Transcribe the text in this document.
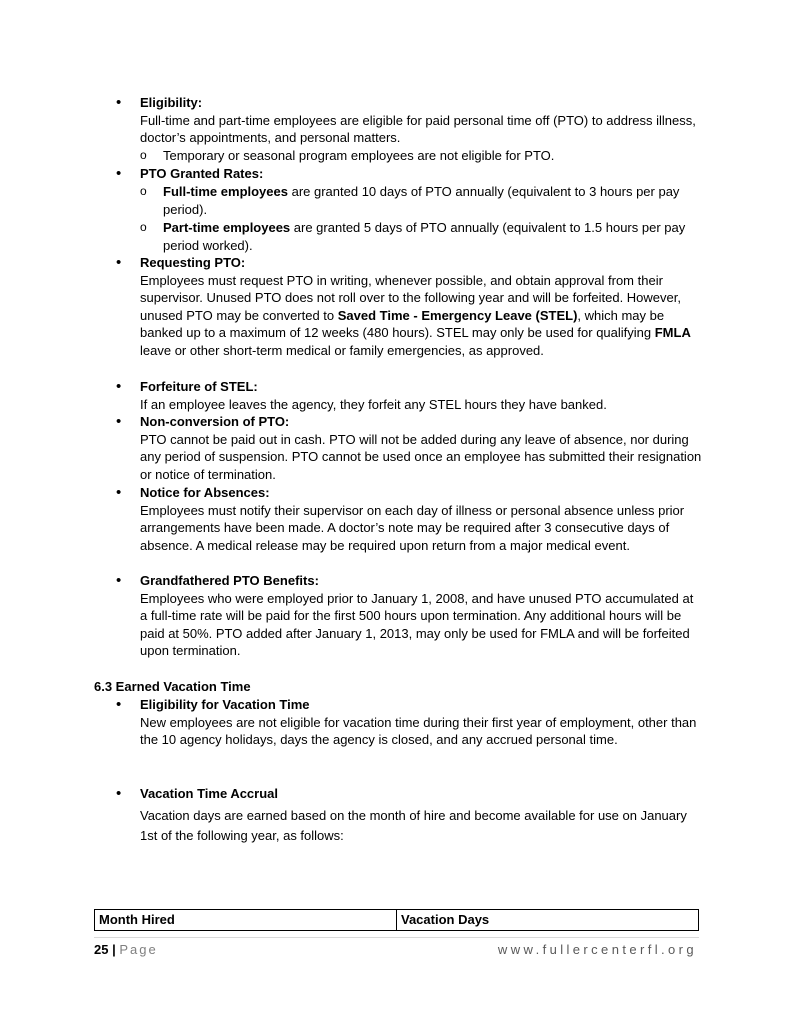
•
Eligibility:
Full-time and part-time employees are eligible for paid personal time off (PTO) to address illness, doctor’s appointments, and personal matters.
o Temporary or seasonal program employees are not eligible for PTO.
•
PTO Granted Rates:
o Full-time employees are granted 10 days of PTO annually (equivalent to 3 hours per pay period).
o Part-time employees are granted 5 days of PTO annually (equivalent to 1.5 hours per pay period worked).
•
Requesting PTO:
Employees must request PTO in writing, whenever possible, and obtain approval from their supervisor. Unused PTO does not roll over to the following year and will be forfeited. However, unused PTO may be converted to Saved Time - Emergency Leave (STEL), which may be banked up to a maximum of 12 weeks (480 hours). STEL may only be used for qualifying FMLA leave or other short-term medical or family emergencies, as approved.
•
Forfeiture of STEL:
If an employee leaves the agency, they forfeit any STEL hours they have banked.
•
Non-conversion of PTO:
PTO cannot be paid out in cash. PTO will not be added during any leave of absence, nor during any period of suspension. PTO cannot be used once an employee has submitted their resignation or notice of termination.
•
Notice for Absences:
Employees must notify their supervisor on each day of illness or personal absence unless prior arrangements have been made. A doctor’s note may be required after 3 consecutive days of absence. A medical release may be required upon return from a major medical event.
•
Grandfathered PTO Benefits:
Employees who were employed prior to January 1, 2008, and have unused PTO accumulated at a full-time rate will be paid for the first 500 hours upon termination. Any additional hours will be paid at 50%. PTO added after January 1, 2013, may only be used for FMLA and will be forfeited upon termination.
6.3 Earned Vacation Time
•
Eligibility for Vacation Time
New employees are not eligible for vacation time during their first year of employment, other than the 10 agency holidays, days the agency is closed, and any accrued personal time.
•
Vacation Time Accrual
Vacation days are earned based on the month of hire and become available for use on January 1st of the following year, as follows:
Month Hired	Vacation Days
25 | Page	www.fullercenterfl.org
